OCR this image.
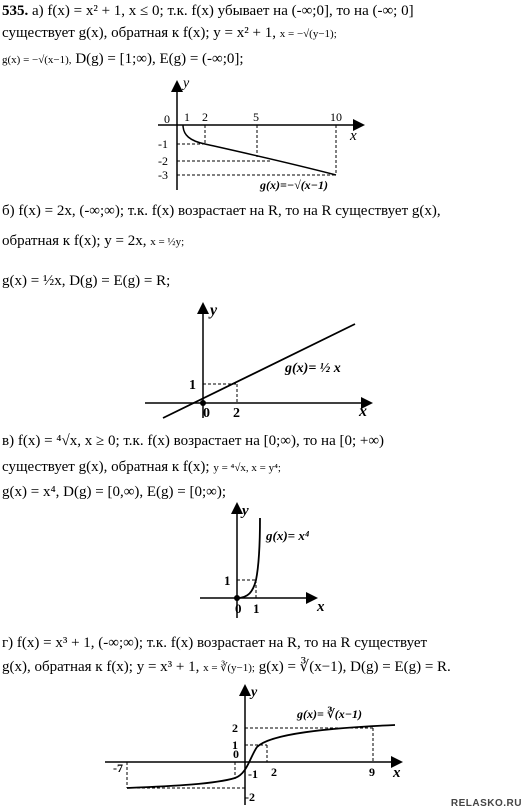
535. а) f(x) = x² + 1, x ≤ 0; т.к. f(x) убывает на (-∞;0], то на (-∞; 0]
существует g(x), обратная к f(x); y = x² + 1, x = −√(y−1);
g(x) = −√(x−1), D(g) = [1;∞), E(g) = (-∞;0];
y
x
0 1 2	5	10
-1
-2
-3
g(x)=−√(x−1)
б) f(x) = 2x, (-∞;∞); т.к. f(x) возрастает на R, то на R существует g(x),
обратная к f(x); y = 2x, x = ½y;
g(x) = ½x, D(g) = E(g) = R;
y
x
0 2
1
g(x)= ½ x
в) f(x) = ⁴√x, x ≥ 0; т.к. f(x) возрастает на [0;∞), то на [0; +∞)
существует g(x), обратная к f(x); y = ⁴√x, x = y⁴;
g(x) = x⁴, D(g) = [0,∞), E(g) = [0;∞);
y
x
0 1
1
g(x)= x⁴
г) f(x) = x³ + 1, (-∞;∞); т.к. f(x) возрастает на R, то на R существует
g(x), обратная к f(x); y = x³ + 1, x = ∛(y−1); g(x) = ∛(x−1), D(g) = E(g) = R.
y
x
0
-7	-1 2	9
2
1
-2
g(x)= ∛(x−1)
RELASKO.RU
